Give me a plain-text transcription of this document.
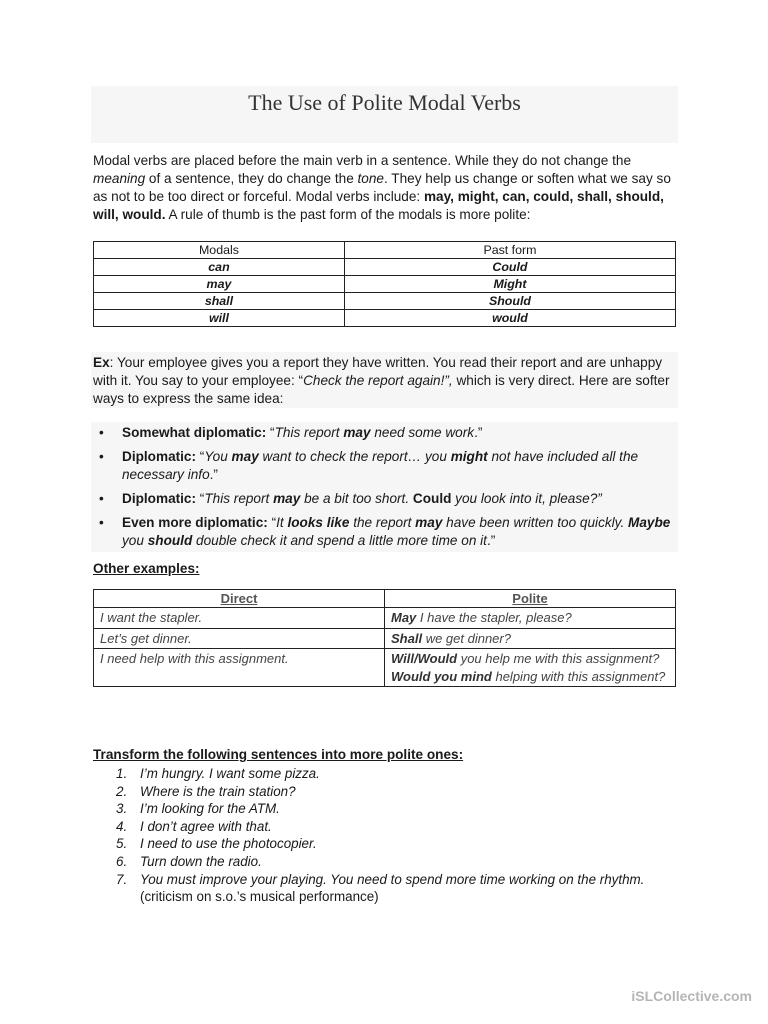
The Use of Polite Modal Verbs
Modal verbs are placed before the main verb in a sentence. While they do not change the meaning of a sentence, they do change the tone. They help us change or soften what we say so as not to be too direct or forceful. Modal verbs include: may, might, can, could, shall, should, will, would. A rule of thumb is the past form of the modals is more polite:
Modals	Past form
can	Could
may	Might
shall	Should
will	would
Ex: Your employee gives you a report they have written. You read their report and are unhappy with it. You say to your employee: “Check the report again!”, which is very direct. Here are softer ways to express the same idea:
• Somewhat diplomatic: “This report may need some work.”
• Diplomatic: “You may want to check the report… you might not have included all the necessary info.”
• Diplomatic: “This report may be a bit too short. Could you look into it, please?”
• Even more diplomatic: “It looks like the report may have been written too quickly. Maybe you should double check it and spend a little more time on it.”
Other examples:
Direct	Polite
I want the stapler.	May I have the stapler, please?
Let’s get dinner.	Shall we get dinner?
I need help with this assignment.	Will/Would you help me with this assignment?
Would you mind helping with this assignment?
Transform the following sentences into more polite ones:
1. I’m hungry. I want some pizza.
2. Where is the train station?
3. I’m looking for the ATM.
4. I don’t agree with that.
5. I need to use the photocopier.
6. Turn down the radio.
7. You must improve your playing. You need to spend more time working on the rhythm.
(criticism on s.o.’s musical performance)
iSLCollective.com
